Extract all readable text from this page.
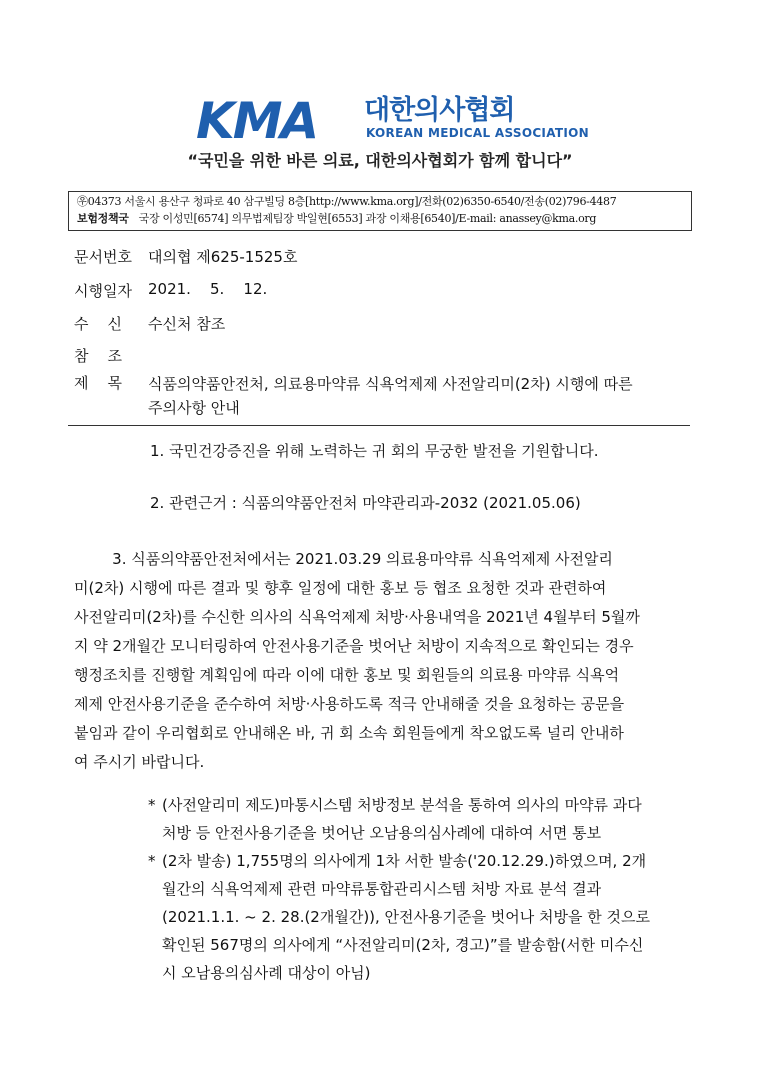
KMA 대한의사협회
KOREAN MEDICAL ASSOCIATION
“국민을 위한 바른 의료, 대한의사협회가 함께 합니다”
㉾04373 서울시 용산구 청파로 40 삼구빌딩 8층[http://www.kma.org]/전화(02)6350-6540/전송(02)796-4487
보험정책국 국장 이성민[6574] 의무법제팀장 박일현[6553] 과장 이채용[6540]/E-mail: anassey@kma.org
문서번호 대의협 제625-1525호
시행일자 2021.    5.    12.
수    신 수신처 참조
참    조
제    목 식품의약품안전처, 의료용마약류 식욕억제제 사전알리미(2차) 시행에 따른
주의사항 안내
1. 국민건강증진을 위해 노력하는 귀 회의 무궁한 발전을 기원합니다.
2. 관련근거 : 식품의약품안전처 마약관리과-2032 (2021.05.06)
3. 식품의약품안전처에서는 2021.03.29 의료용마약류 식욕억제제 사전알리
미(2차) 시행에 따른 결과 및 향후 일정에 대한 홍보 등 협조 요청한 것과 관련하여
사전알리미(2차)를 수신한 의사의 식욕억제제 처방·사용내역을 2021년 4월부터 5월까
지 약 2개월간 모니터링하여 안전사용기준을 벗어난 처방이 지속적으로 확인되는 경우
행정조치를 진행할 계획임에 따라 이에 대한 홍보 및 회원들의 의료용 마약류 식욕억
제제 안전사용기준을 준수하여 처방·사용하도록 적극 안내해줄 것을 요청하는 공문을
붙임과 같이 우리협회로 안내해온 바, 귀 회 소속 회원들에게 착오없도록 널리 안내하
여 주시기 바랍니다.
* (사전알리미 제도)마통시스템 처방정보 분석을 통하여 의사의 마약류 과다
처방 등 안전사용기준을 벗어난 오남용의심사례에 대하여 서면 통보
* (2차 발송) 1,755명의 의사에게 1차 서한 발송('20.12.29.)하였으며, 2개
월간의 식욕억제제 관련 마약류통합관리시스템 처방 자료 분석 결과
(2021.1.1. ~ 2. 28.(2개월간)), 안전사용기준을 벗어나 처방을 한 것으로
확인된 567명의 의사에게 “사전알리미(2차, 경고)”를 발송함(서한 미수신
시 오남용의심사례 대상이 아님)
